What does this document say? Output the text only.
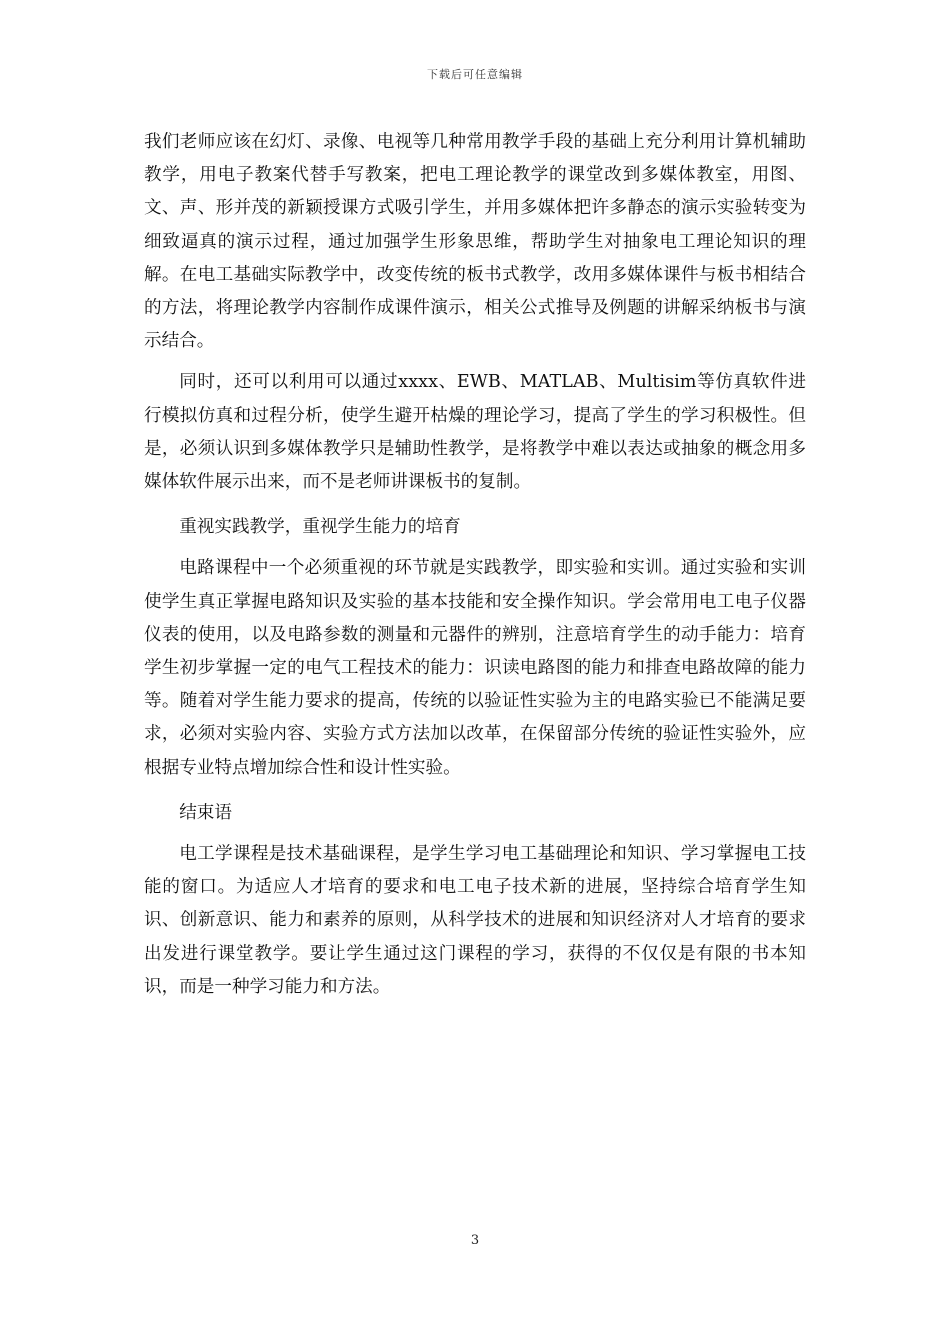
下载后可任意编辑

我们老师应该在幻灯、录像、电视等几种常用教学手段的基础上充分利用计算机辅助教学，用电子教案代替手写教案，把电工理论教学的课堂改到多媒体教室，用图、文、声、形并茂的新颖授课方式吸引学生，并用多媒体把许多静态的演示实验转变为细致逼真的演示过程，通过加强学生形象思维，帮助学生对抽象电工理论知识的理解。在电工基础实际教学中，改变传统的板书式教学，改用多媒体课件与板书相结合的方法，将理论教学内容制作成课件演示，相关公式推导及例题的讲解采纳板书与演示结合。

同时，还可以利用可以通过xxxx、EWB、MATLAB、Multisim等仿真软件进行模拟仿真和过程分析，使学生避开枯燥的理论学习，提高了学生的学习积极性。但是，必须认识到多媒体教学只是辅助性教学，是将教学中难以表达或抽象的概念用多媒体软件展示出来，而不是老师讲课板书的复制。

重视实践教学，重视学生能力的培育

电路课程中一个必须重视的环节就是实践教学，即实验和实训。通过实验和实训使学生真正掌握电路知识及实验的基本技能和安全操作知识。学会常用电工电子仪器仪表的使用，以及电路参数的测量和元器件的辨别，注意培育学生的动手能力：培育学生初步掌握一定的电气工程技术的能力：识读电路图的能力和排查电路故障的能力等。随着对学生能力要求的提高，传统的以验证性实验为主的电路实验已不能满足要求，必须对实验内容、实验方式方法加以改革，在保留部分传统的验证性实验外，应根据专业特点增加综合性和设计性实验。

结束语

电工学课程是技术基础课程，是学生学习电工基础理论和知识、学习掌握电工技能的窗口。为适应人才培育的要求和电工电子技术新的进展，坚持综合培育学生知识、创新意识、能力和素养的原则，从科学技术的进展和知识经济对人才培育的要求出发进行课堂教学。要让学生通过这门课程的学习，获得的不仅仅是有限的书本知识，而是一种学习能力和方法。

3
